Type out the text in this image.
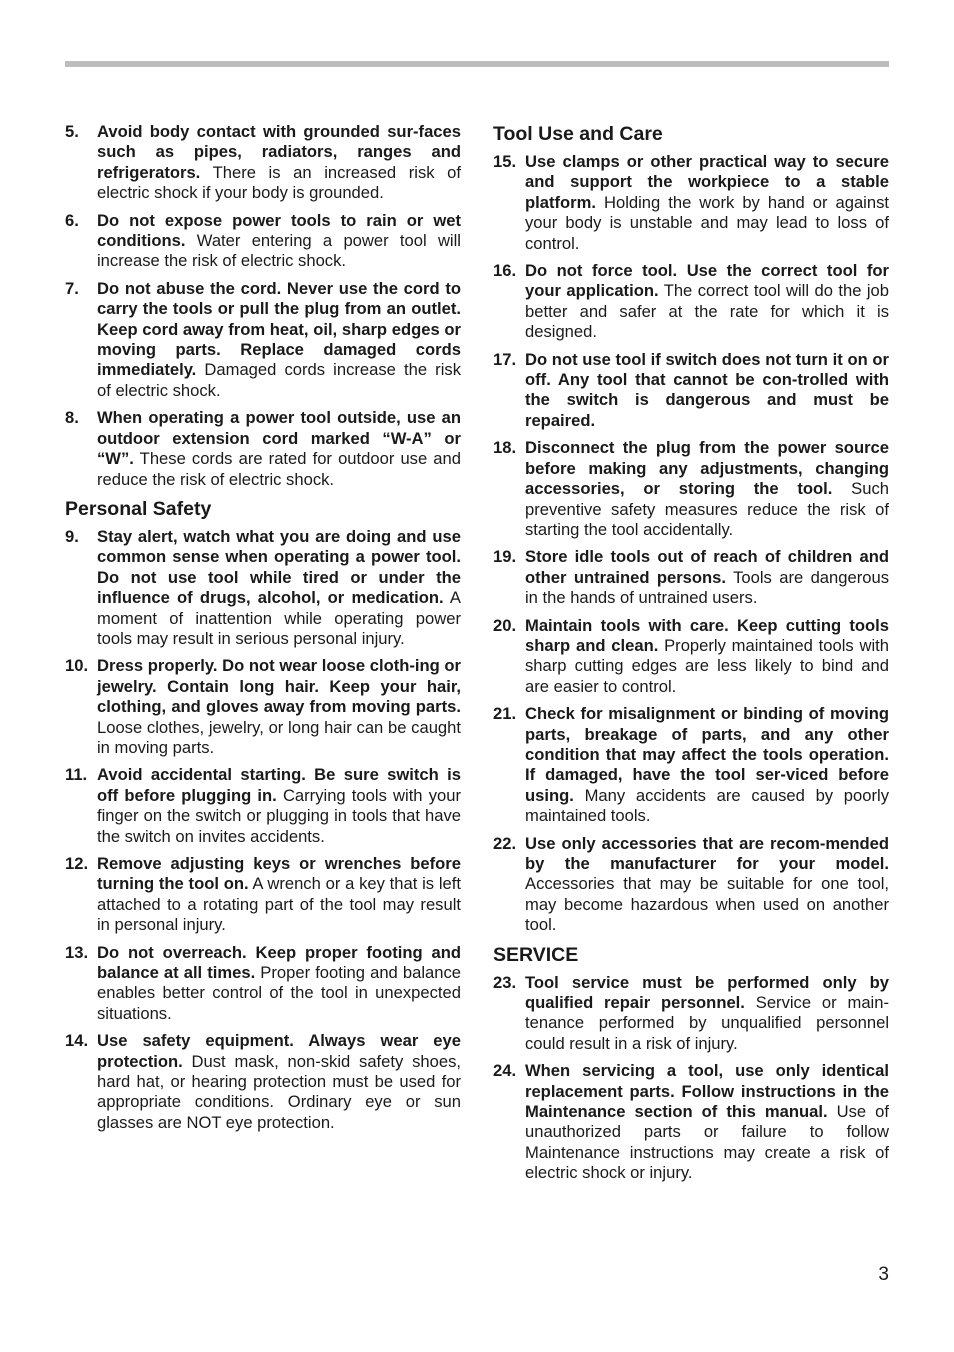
5. Avoid body contact with grounded sur-faces such as pipes, radiators, ranges and refrigerators. There is an increased risk of electric shock if your body is grounded.
6. Do not expose power tools to rain or wet conditions. Water entering a power tool will increase the risk of electric shock.
7. Do not abuse the cord. Never use the cord to carry the tools or pull the plug from an outlet. Keep cord away from heat, oil, sharp edges or moving parts. Replace damaged cords immediately. Damaged cords increase the risk of electric shock.
8. When operating a power tool outside, use an outdoor extension cord marked “W-A” or “W”. These cords are rated for outdoor use and reduce the risk of electric shock.
Personal Safety
9. Stay alert, watch what you are doing and use common sense when operating a power tool. Do not use tool while tired or under the influence of drugs, alcohol, or medication. A moment of inattention while operating power tools may result in serious personal injury.
10. Dress properly. Do not wear loose cloth-ing or jewelry. Contain long hair. Keep your hair, clothing, and gloves away from moving parts. Loose clothes, jewelry, or long hair can be caught in moving parts.
11. Avoid accidental starting. Be sure switch is off before plugging in. Carrying tools with your finger on the switch or plugging in tools that have the switch on invites accidents.
12. Remove adjusting keys or wrenches before turning the tool on. A wrench or a key that is left attached to a rotating part of the tool may result in personal injury.
13. Do not overreach. Keep proper footing and balance at all times. Proper footing and balance enables better control of the tool in unexpected situations.
14. Use safety equipment. Always wear eye protection. Dust mask, non-skid safety shoes, hard hat, or hearing protection must be used for appropriate conditions. Ordinary eye or sun glasses are NOT eye protection.
Tool Use and Care
15. Use clamps or other practical way to secure and support the workpiece to a stable platform. Holding the work by hand or against your body is unstable and may lead to loss of control.
16. Do not force tool. Use the correct tool for your application. The correct tool will do the job better and safer at the rate for which it is designed.
17. Do not use tool if switch does not turn it on or off. Any tool that cannot be con-trolled with the switch is dangerous and must be repaired.
18. Disconnect the plug from the power source before making any adjustments, changing accessories, or storing the tool. Such preventive safety measures reduce the risk of starting the tool accidentally.
19. Store idle tools out of reach of children and other untrained persons. Tools are dangerous in the hands of untrained users.
20. Maintain tools with care. Keep cutting tools sharp and clean. Properly maintained tools with sharp cutting edges are less likely to bind and are easier to control.
21. Check for misalignment or binding of moving parts, breakage of parts, and any other condition that may affect the tools operation. If damaged, have the tool ser-viced before using. Many accidents are caused by poorly maintained tools.
22. Use only accessories that are recom-mended by the manufacturer for your model. Accessories that may be suitable for one tool, may become hazardous when used on another tool.
SERVICE
23. Tool service must be performed only by qualified repair personnel. Service or main-tenance performed by unqualified personnel could result in a risk of injury.
24. When servicing a tool, use only identical replacement parts. Follow instructions in the Maintenance section of this manual. Use of unauthorized parts or failure to follow Maintenance instructions may create a risk of electric shock or injury.
3
